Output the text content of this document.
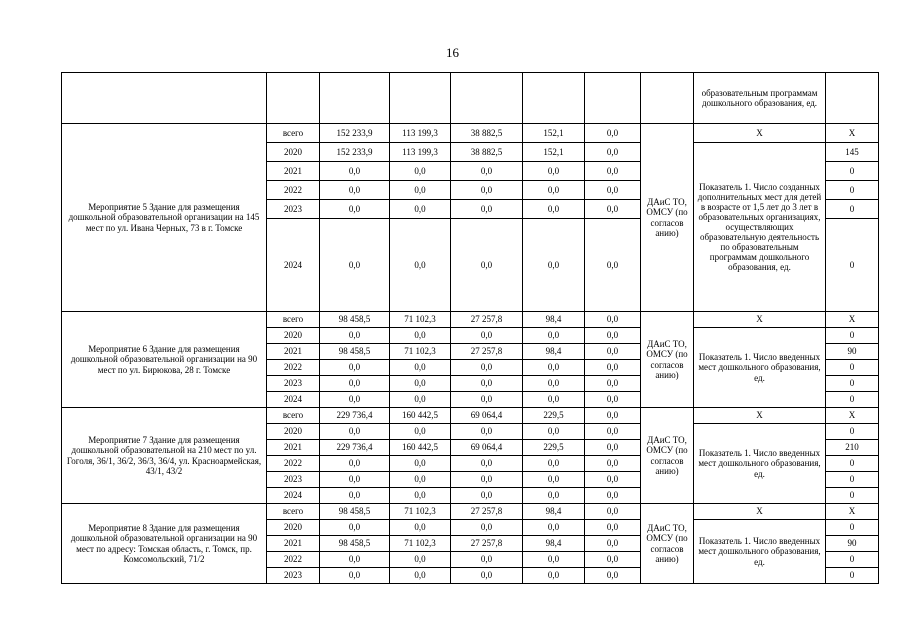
16
								образовательным программам дошкольного образования, ед.	
Мероприятие 5 Здание для размещения дошкольной образовательной организации на 145 мест по ул. Ивана Черных, 73 в г. Томске	всего	152 233,9	113 199,3	38 882,5	152,1	0,0	ДАиС ТО, ОМСУ (по согласов анию)	X	X
	2020	152 233,9	113 199,3	38 882,5	152,1	0,0		Показатель 1. Число созданных дополнительных мест для детей в возрасте от 1,5 лет до 3 лет в образовательных организациях, осуществляющих образовательную деятельность по образовательным программам дошкольного образования, ед.	145
	2021	0,0	0,0	0,0	0,0	0,0			0
	2022	0,0	0,0	0,0	0,0	0,0			0
	2023	0,0	0,0	0,0	0,0	0,0			0
	2024	0,0	0,0	0,0	0,0	0,0			0
Мероприятие 6 Здание для размещения дошкольной образовательной организации на 90 мест по ул. Бирюкова, 28 г. Томске	всего	98 458,5	71 102,3	27 257,8	98,4	0,0	ДАиС ТО, ОМСУ (по согласов анию)	X	X
	2020	0,0	0,0	0,0	0,0	0,0		Показатель 1. Число введенных мест дошкольного образования, ед.	0
	2021	98 458,5	71 102,3	27 257,8	98,4	0,0			90
	2022	0,0	0,0	0,0	0,0	0,0			0
	2023	0,0	0,0	0,0	0,0	0,0			0
	2024	0,0	0,0	0,0	0,0	0,0			0
Мероприятие 7 Здание для размещения дошкольной образовательной на 210 мест по ул. Гоголя, 36/1, 36/2, 36/3, 36/4, ул. Красноармейская, 43/1, 43/2	всего	229 736,4	160 442,5	69 064,4	229,5	0,0	ДАиС ТО, ОМСУ (по согласов анию)	X	X
	2020	0,0	0,0	0,0	0,0	0,0		Показатель 1. Число введенных мест дошкольного образования, ед.	0
	2021	229 736,4	160 442,5	69 064,4	229,5	0,0			210
	2022	0,0	0,0	0,0	0,0	0,0			0
	2023	0,0	0,0	0,0	0,0	0,0			0
	2024	0,0	0,0	0,0	0,0	0,0			0
Мероприятие 8 Здание для размещения дошкольной образовательной организации на 90 мест по адресу: Томская область, г. Томск, пр. Комсомольский, 71/2	всего	98 458,5	71 102,3	27 257,8	98,4	0,0	ДАиС ТО, ОМСУ (по согласов анию)	X	X
	2020	0,0	0,0	0,0	0,0	0,0		Показатель 1. Число введенных мест дошкольного образования, ед.	0
	2021	98 458,5	71 102,3	27 257,8	98,4	0,0			90
	2022	0,0	0,0	0,0	0,0	0,0			0
	2023	0,0	0,0	0,0	0,0	0,0			0
